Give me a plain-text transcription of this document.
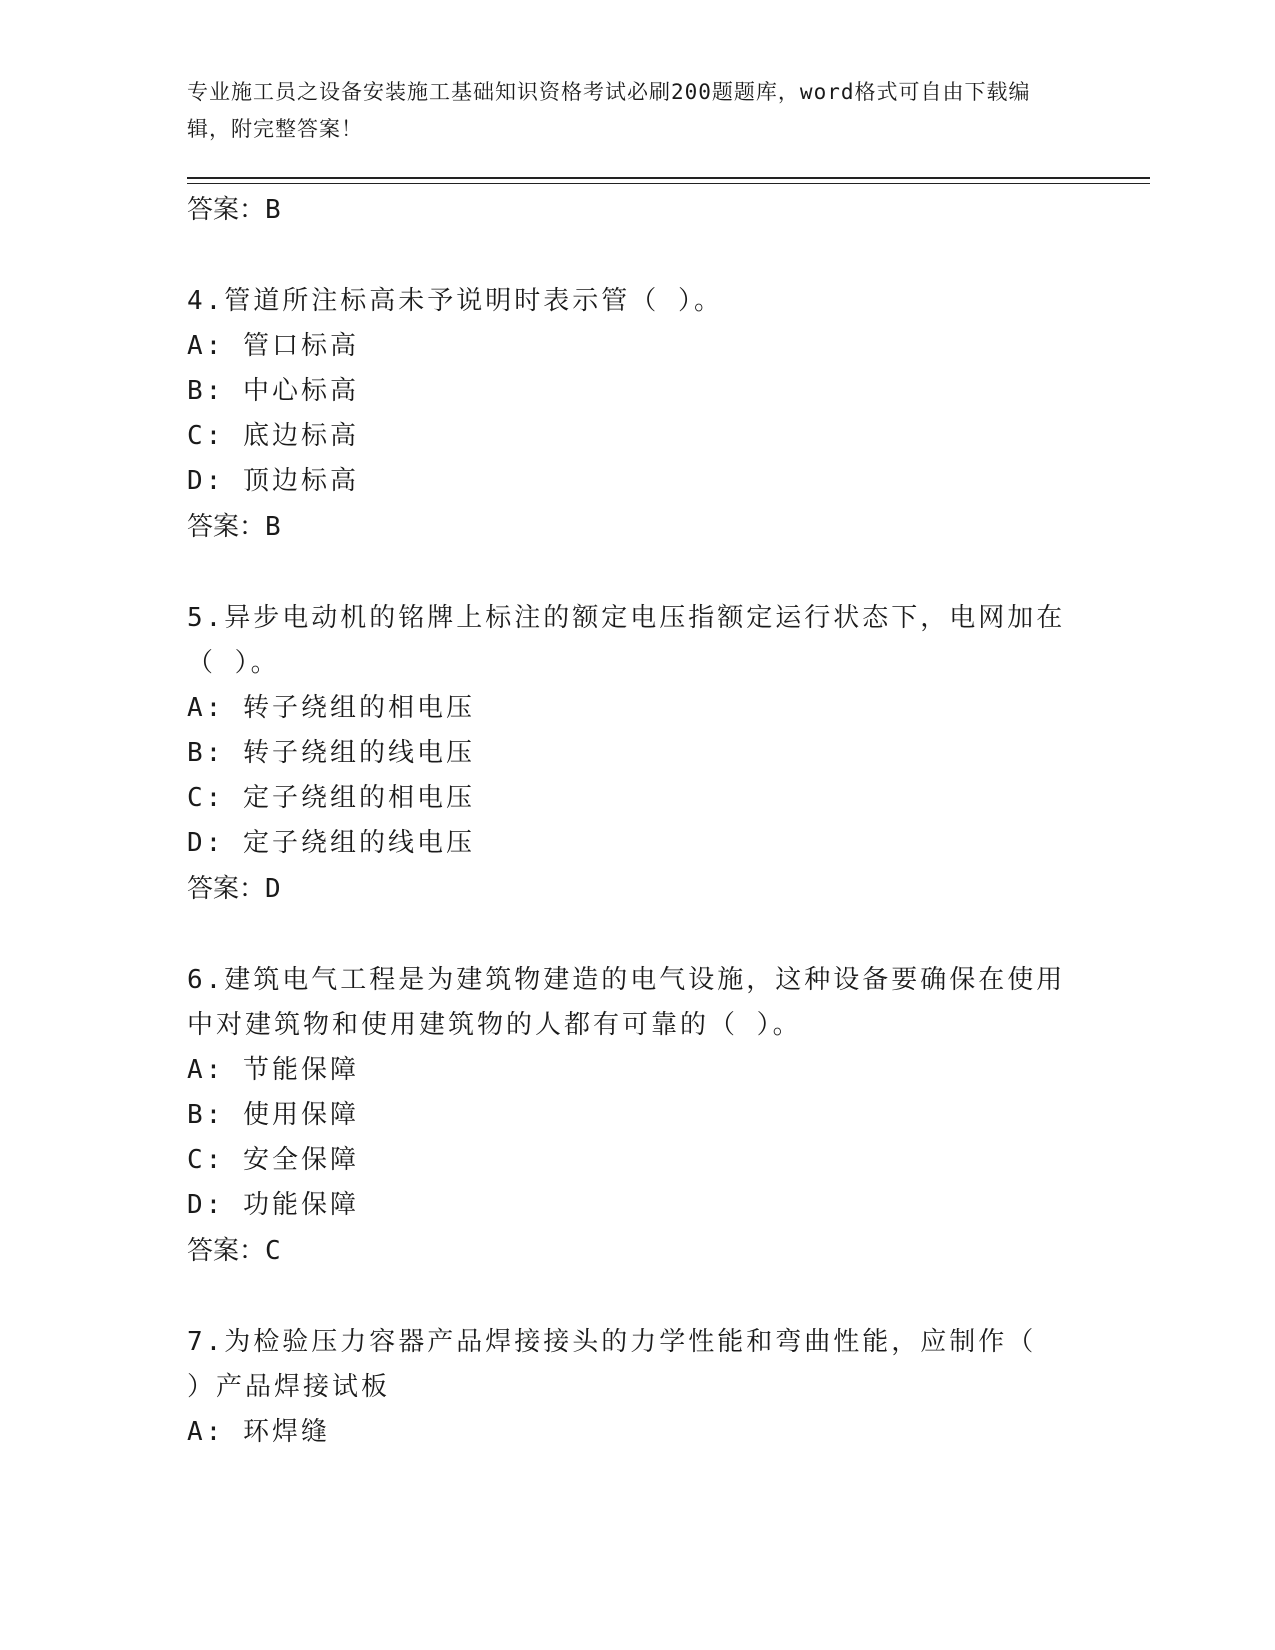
专业施工员之设备安装施工基础知识资格考试必刷200题题库，word格式可自由下载编辑，附完整答案！
答案：B
4.管道所注标高未予说明时表示管（ ）。
A: 管口标高
B: 中心标高
C: 底边标高
D: 顶边标高
答案：B
5.异步电动机的铭牌上标注的额定电压指额定运行状态下，电网加在（ ）。
A: 转子绕组的相电压
B: 转子绕组的线电压
C: 定子绕组的相电压
D: 定子绕组的线电压
答案：D
6.建筑电气工程是为建筑物建造的电气设施，这种设备要确保在使用中对建筑物和使用建筑物的人都有可靠的（ ）。
A: 节能保障
B: 使用保障
C: 安全保障
D: 功能保障
答案：C
7.为检验压力容器产品焊接接头的力学性能和弯曲性能，应制作（ ）产品焊接试板
A: 环焊缝
